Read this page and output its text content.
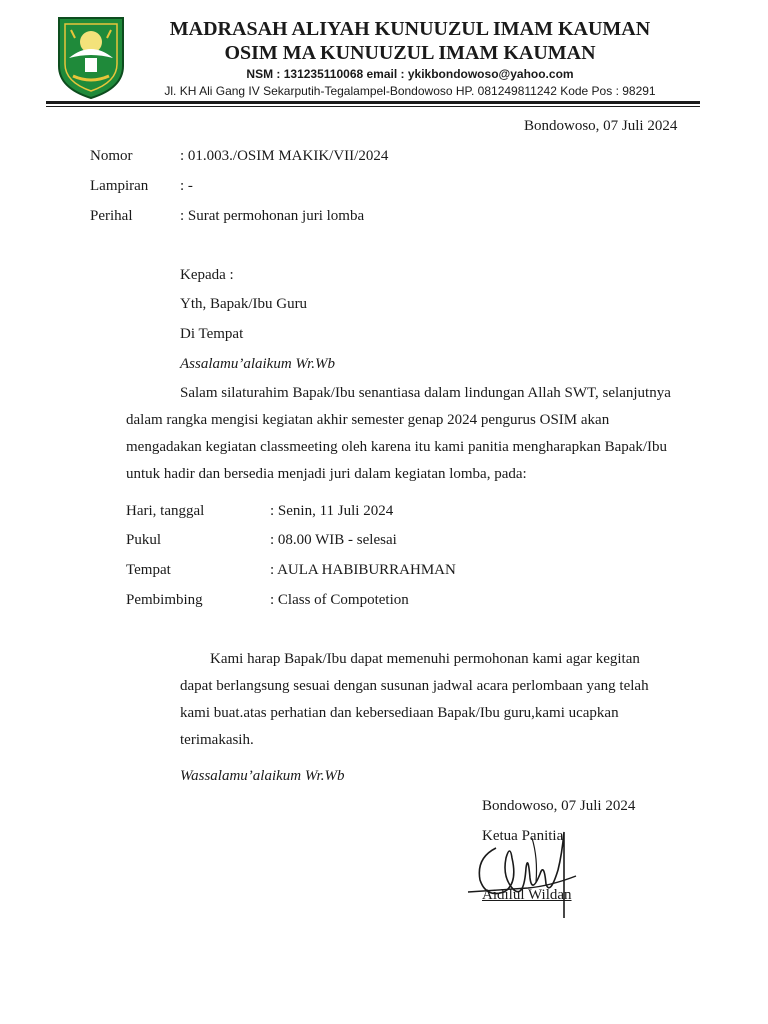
MADRASAH ALIYAH KUNUUZUL IMAM KAUMAN
OSIM MA KUNUUZUL IMAM KAUMAN
NSM : 131235110068 email : ykikbondowoso@yahoo.com
Jl. KH Ali Gang IV Sekarputih-Tegalampel-Bondowoso HP. 081249811242 Kode Pos : 98291
Bondowoso, 07 Juli 2024
Nomor	: 01.003./OSIM MAKIK/VII/2024
Lampiran : -
Perihal	: Surat permohonan juri lomba
Kepada :
Yth, Bapak/Ibu Guru
Di Tempat
Assalamu’alaikum Wr.Wb

Salam silaturahim Bapak/Ibu senantiasa dalam lindungan Allah SWT, selanjutnya

dalam rangka mengisi kegiatan akhir semester genap 2024 pengurus OSIM akan

mengadakan kegiatan classmeeting oleh karena itu kami panitia mengharapkan Bapak/Ibu

untuk hadir dan bersedia menjadi juri dalam kegiatan lomba, pada:

Hari, tanggal	: Senin, 11 Juli 2024
Pukul	: 08.00 WIB - selesai
Tempat	: AULA HABIBURRAHMAN
Pembimbing	: Class of Compotetion

Kami harap Bapak/Ibu dapat memenuhi permohonan kami agar kegitan

dapat berlangsung sesuai dengan susunan jadwal acara perlombaan yang telah

kami buat.atas perhatian dan kebersediaan Bapak/Ibu guru,kami ucapkan

terimakasih.

Wassalamu’alaikum Wr.Wb
Bondowoso, 07 Juli 2024
Ketua Panitia
Aidilul Wildan
